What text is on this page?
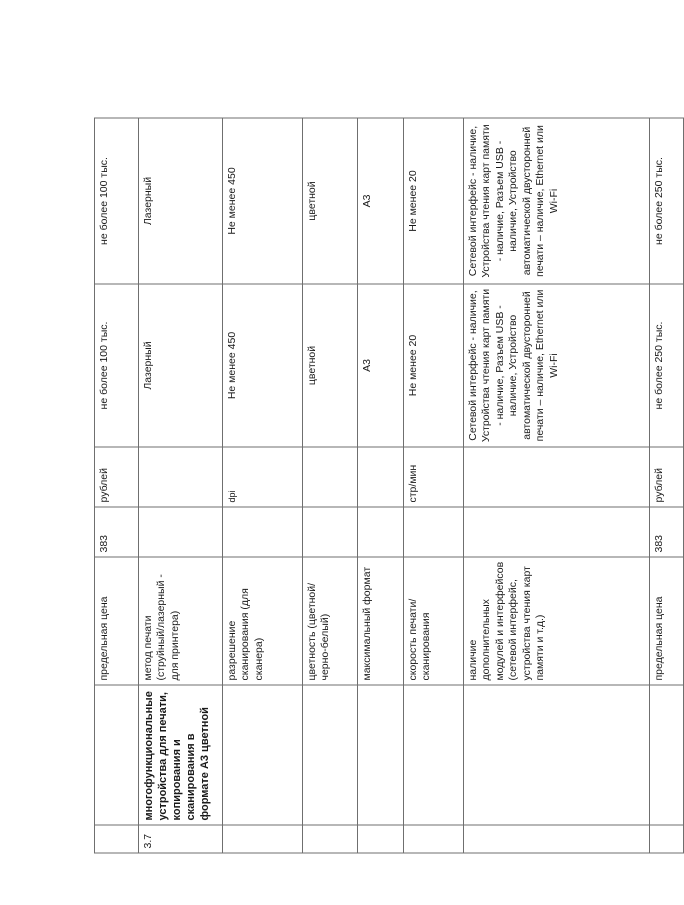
		предельная цена	383	рублей	не более 100 тыс.	не более 100 тыс.
3.7	многофункциональные устройства для печати, копирования и сканирования в формате А3 цветной	метод печати (струйный/лазерный - для принтера)			Лазерный	Лазерный
		разрешение сканирования (для сканера)		dpi	Не менее 450	Не менее 450
		цветность (цветной/черно-белый)			цветной	цветной
		максимальный формат			А3	А3
		скорость печати/сканирования		стр/мин	Не менее 20	Не менее 20
		наличие дополнительных модулей и интерфейсов (сетевой интерфейс, устройства чтения карт памяти и т.д.)			Сетевой интерфейс - наличие, Устройства чтения карт памяти - наличие, Разъем USB - наличие, Устройство автоматической двусторонней печати – наличие, Ethernet или Wi-Fi	Сетевой интерфейс - наличие, Устройства чтения карт памяти - наличие, Разъем USB - наличие, Устройство автоматической двусторонней печати – наличие, Ethernet или Wi-Fi
		предельная цена	383	рублей	не более 250 тыс.	не более 250 тыс.
